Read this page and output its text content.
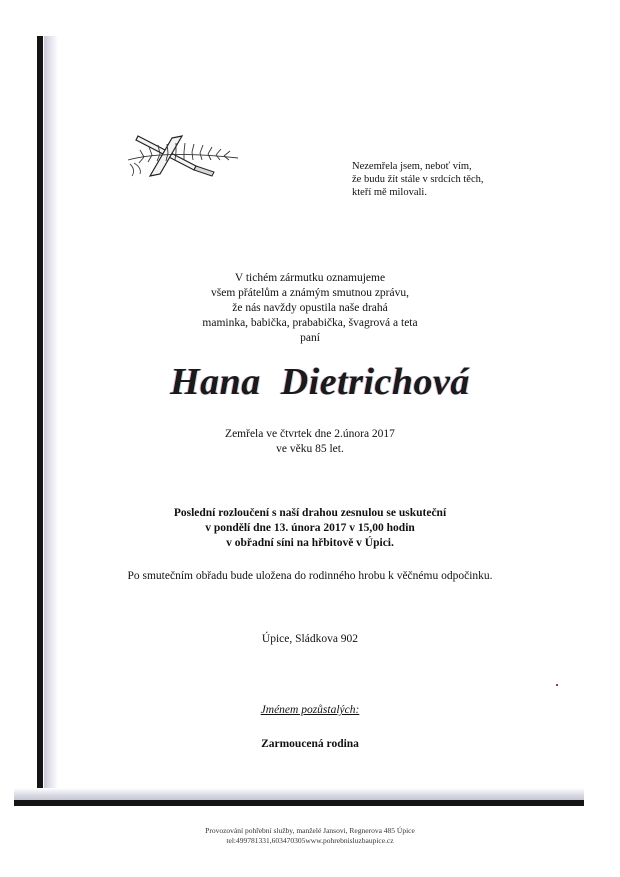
Nezemřela jsem, neboť vím,
že budu žít stále v srdcích těch,
kteří mě milovali.
V tichém zármutku oznamujeme
všem přátelům a známým smutnou zprávu,
že nás navždy opustila naše drahá
maminka, babička, prababička, švagrová a teta
paní
Hana  Dietrichová
Zemřela ve čtvrtek dne 2.února 2017
ve věku 85 let.
Poslední rozloučení s naší drahou zesnulou se uskuteční
v pondělí dne 13. února 2017 v 15,00 hodin
v obřadní síni na hřbitově v Úpici.
Po smutečním obřadu bude uložena do rodinného hrobu k věčnému odpočinku.
Úpice, Sládkova 902
Jménem pozůstalých:
Zarmoucená rodina
Provozování pohřební služby, manželé Jansovi, Regnerova 485 Úpice
tel:499781331,603470305www.pohrebnisluzbaupice.cz
